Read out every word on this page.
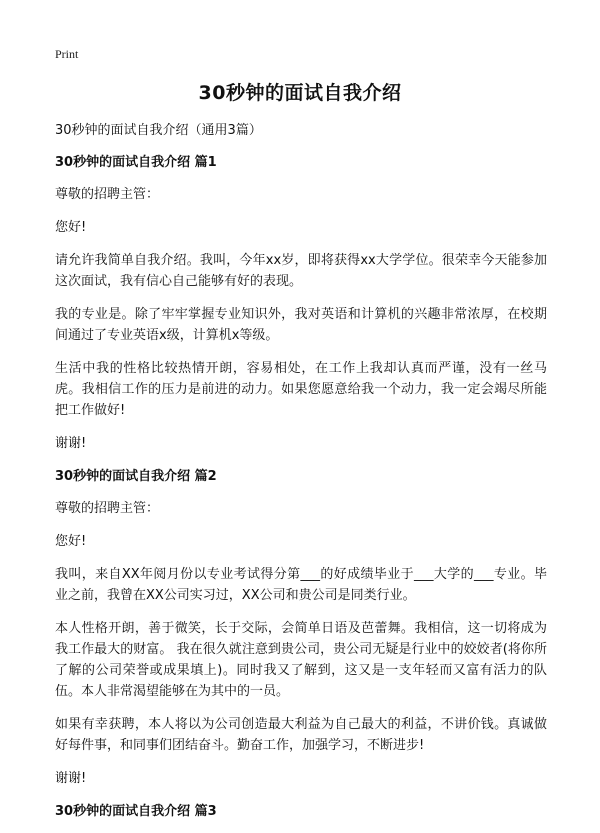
Print
30秒钟的面试自我介绍

30秒钟的面试自我介绍（通用3篇）

30秒钟的面试自我介绍 篇1

尊敬的招聘主管：

您好!

请允许我简单自我介绍。我叫，今年xx岁，即将获得xx大学学位。很荣幸今天能参加这次面试，我有信心自己能够有好的表现。

我的专业是。除了牢牢掌握专业知识外，我对英语和计算机的兴趣非常浓厚，在校期间通过了专业英语x级，计算机x等级。

生活中我的性格比较热情开朗，容易相处，在工作上我却认真而严谨，没有一丝马虎。我相信工作的压力是前进的动力。如果您愿意给我一个动力，我一定会竭尽所能把工作做好!

谢谢!

30秒钟的面试自我介绍 篇2

尊敬的招聘主管：

您好!

我叫，来自XX年阅月份以专业考试得分第___的好成绩毕业于___大学的___专业。毕业之前，我曾在XX公司实习过，XX公司和贵公司是同类行业。

本人性格开朗，善于微笑，长于交际，会简单日语及芭蕾舞。我相信，这一切将成为我工作最大的财富。 我在很久就注意到贵公司，贵公司无疑是行业中的姣姣者(将你所了解的公司荣誉或成果填上)。同时我又了解到，这又是一支年轻而又富有活力的队伍。本人非常渴望能够在为其中的一员。

如果有幸获聘，本人将以为公司创造最大利益为自己最大的利益，不讲价钱。真诚做好每件事，和同事们团结奋斗。勤奋工作，加强学习，不断进步!

谢谢!

30秒钟的面试自我介绍 篇3
